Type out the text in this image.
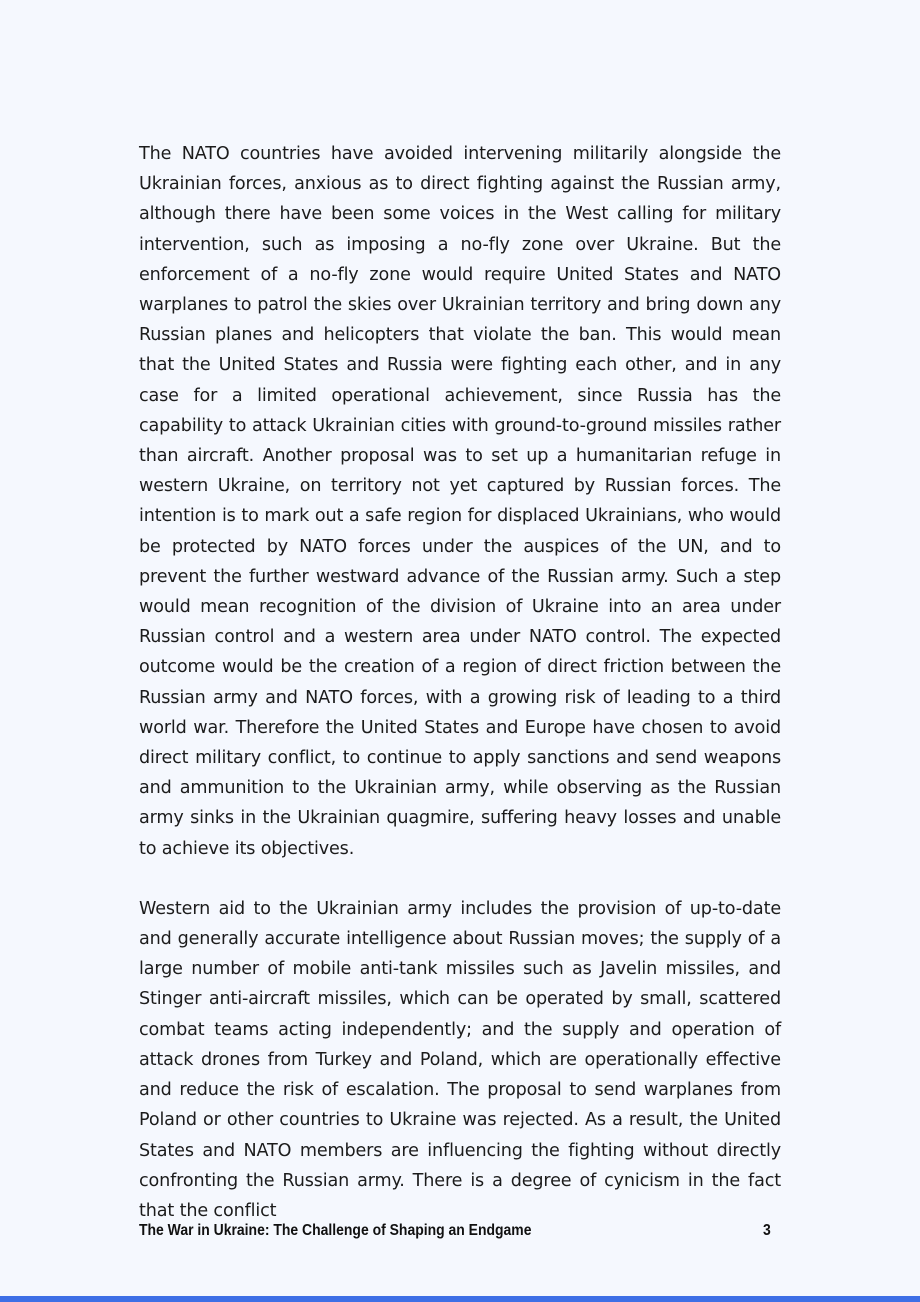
The NATO countries have avoided intervening militarily alongside the Ukrainian forces, anxious as to direct fighting against the Russian army, although there have been some voices in the West calling for military intervention, such as imposing a no-fly zone over Ukraine. But the enforcement of a no-fly zone would require United States and NATO warplanes to patrol the skies over Ukrainian territory and bring down any Russian planes and helicopters that violate the ban. This would mean that the United States and Russia were fighting each other, and in any case for a limited operational achievement, since Russia has the capability to attack Ukrainian cities with ground-to-ground missiles rather than aircraft. Another proposal was to set up a humanitarian refuge in western Ukraine, on territory not yet captured by Russian forces. The intention is to mark out a safe region for displaced Ukrainians, who would be protected by NATO forces under the auspices of the UN, and to prevent the further westward advance of the Russian army. Such a step would mean recognition of the division of Ukraine into an area under Russian control and a western area under NATO control. The expected outcome would be the creation of a region of direct friction between the Russian army and NATO forces, with a growing risk of leading to a third world war. Therefore the United States and Europe have chosen to avoid direct military conflict, to continue to apply sanctions and send weapons and ammunition to the Ukrainian army, while observing as the Russian army sinks in the Ukrainian quagmire, suffering heavy losses and unable to achieve its objectives.

Western aid to the Ukrainian army includes the provision of up-to-date and generally accurate intelligence about Russian moves; the supply of a large number of mobile anti-tank missiles such as Javelin missiles, and Stinger anti-aircraft missiles, which can be operated by small, scattered combat teams acting independently; and the supply and operation of attack drones from Turkey and Poland, which are operationally effective and reduce the risk of escalation. The proposal to send warplanes from Poland or other countries to Ukraine was rejected. As a result, the United States and NATO members are influencing the fighting without directly confronting the Russian army. There is a degree of cynicism in the fact that the conflict

The War in Ukraine: The Challenge of Shaping an Endgame	3
